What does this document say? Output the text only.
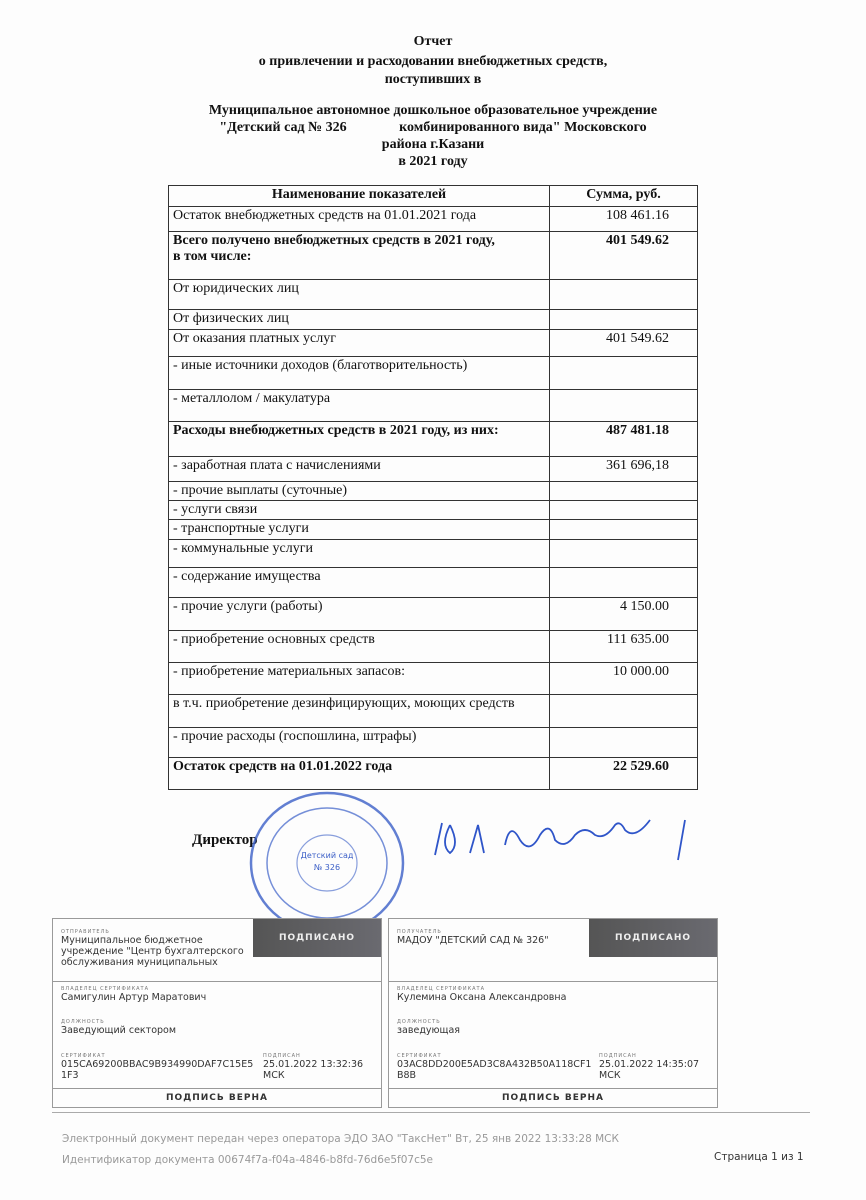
Отчет
о привлечении и расходовании внебюджетных средств,
поступивших в
Муниципальное автономное дошкольное образовательное учреждение
"Детский сад № 326               комбинированного вида" Московского
района г.Казани
в 2021 году
Наименование показателей	Сумма, руб.
Остаток внебюджетных средств на 01.01.2021 года	108 461.16
Всего получено внебюджетных средств в 2021 году,
в том числе:	401 549.62
От юридических лиц	
От физических лиц	
От оказания платных услуг	401 549.62
- иные источники доходов (благотворительность)	
- металлолом / макулатура	
Расходы внебюджетных средств в 2021 году, из них:	487 481.18
- заработная плата с начислениями	361 696,18
- прочие выплаты (суточные)	
- услуги связи	
- транспортные услуги	
- коммунальные услуги	
- содержание имущества	
- прочие услуги (работы)	4 150.00
- приобретение основных средств	111 635.00
- приобретение материальных запасов:	10 000.00
в т.ч. приобретение дезинфицирующих, моющих средств	
- прочие расходы (госпошлина, штрафы)	
Остаток средств на 01.01.2022 года	22 529.60
Директор
Детский сад
№ 326
ОТПРАВИТЕЛЬ
Муниципальное бюджетное учреждение "Центр бухгалтерского обслуживания муниципальных
ПОДПИСАНО
ВЛАДЕЛЕЦ СЕРТИФИКАТА
Самигулин Артур Маратович
ДОЛЖНОСТЬ
Заведующий сектором
СЕРТИФИКАТ
015CA69200BBAC9B934990DAF7C15E51F3
ПОДПИСАН
25.01.2022 13:32:36 МСК
ПОДПИСЬ ВЕРНА
ПОЛУЧАТЕЛЬ
МАДОУ "ДЕТСКИЙ САД № 326"	ПОДПИСАНО
ВЛАДЕЛЕЦ СЕРТИФИКАТА
Кулемина Оксана Александровна
ДОЛЖНОСТЬ
заведующая
СЕРТИФИКАТ
03AC8DD200E5AD3C8A432B50A118CF1B8B
ПОДПИСАН
25.01.2022 14:35:07 МСК
ПОДПИСЬ ВЕРНА
Электронный документ передан через оператора ЭДО ЗАО "ТаксНет" Вт, 25 янв 2022 13:33:28 МСК
Идентификатор документа 00674f7a-f04a-4846-b8fd-76d6e5f07c5e	Страница 1 из 1
